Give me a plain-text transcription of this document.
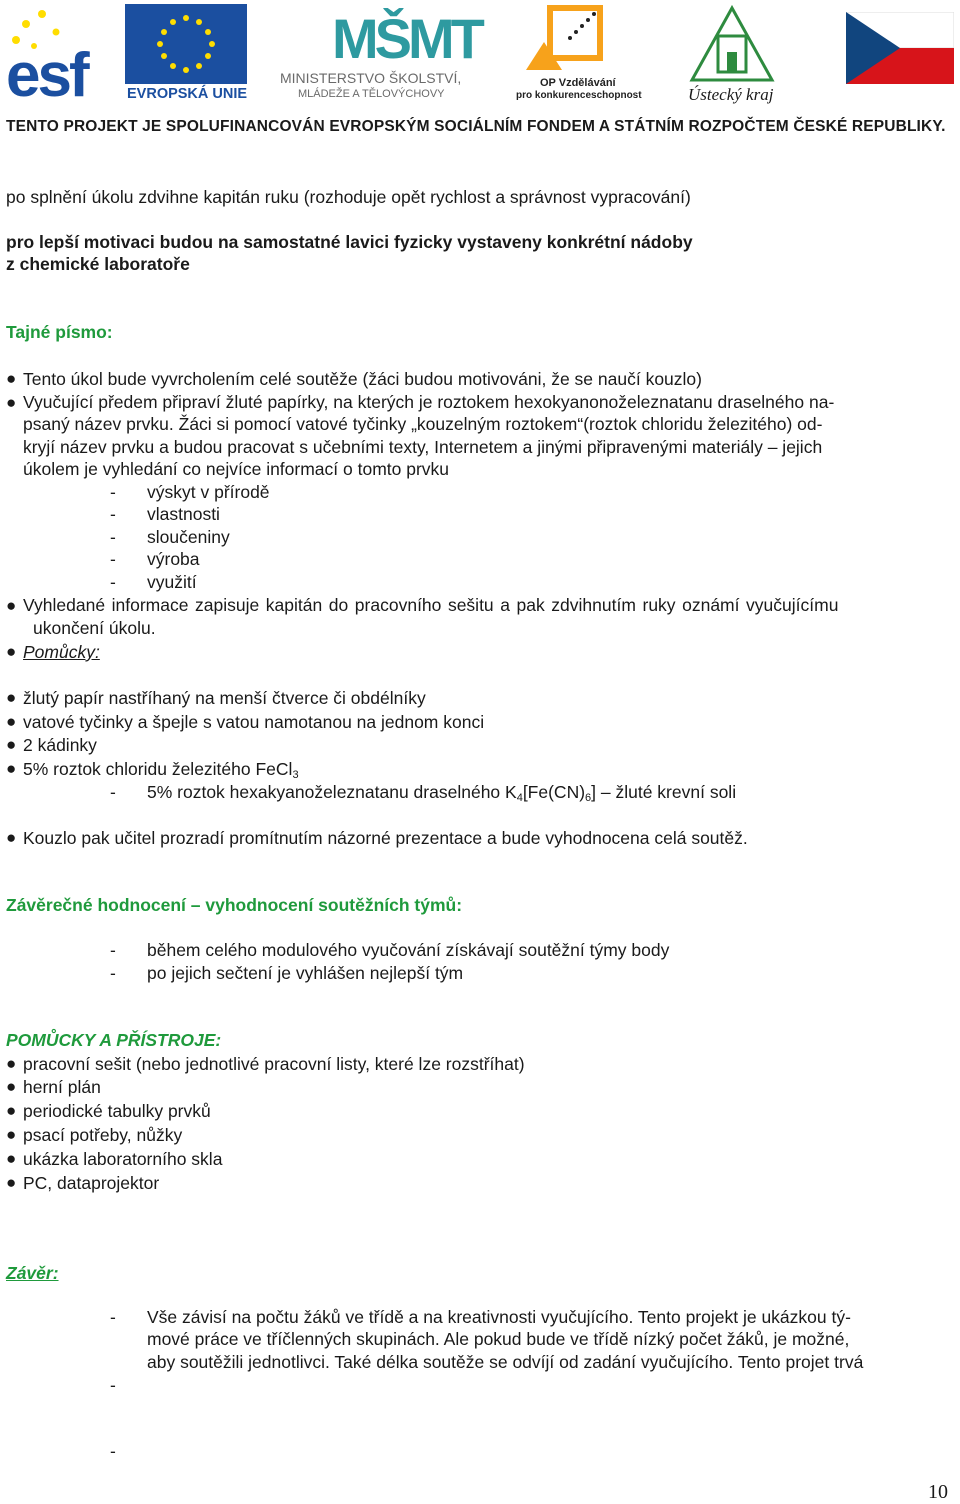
esf	EVROPSKÁ UNIE
MŠMT
MINISTERSTVO ŠKOLSTVÍ,
MLÁDEŽE A TĚLOVÝCHOVY
OP Vzdělávání
pro konkurenceschopnost	Ústecký kraj
TENTO PROJEKT JE SPOLUFINANCOVÁN EVROPSKÝM SOCIÁLNÍM FONDEM A STÁTNÍM ROZPOČTEM ČESKÉ REPUBLIKY.
po splnění úkolu zdvihne kapitán ruku (rozhoduje opět rychlost a správnost vypracování)
pro lepší motivaci budou na samostatné lavici fyzicky vystaveny konkrétní nádoby
z chemické laboratoře
Tajné písmo:
● Tento úkol bude vyvrcholením celé soutěže (žáci budou motivováni, že se naučí kouzlo)
● Vyučující předem připraví žluté papírky, na kterých je roztokem hexokyanonoželeznatanu draselného na-
psaný název prvku. Žáci si pomocí vatové tyčinky „kouzelným roztokem“(roztok chloridu železitého) od-
kryjí název prvku a budou pracovat s učebními texty, Internetem a jinými připravenými materiály – jejich
úkolem je vyhledání co nejvíce informací o tomto prvku
- výskyt v přírodě
- vlastnosti
- sloučeniny
- výroba
- využití
● Vyhledané informace zapisuje kapitán do pracovního sešitu a pak zdvihnutím ruky oznámí vyučujícímu
ukončení úkolu.
● Pomůcky:
● žlutý papír nastříhaný na menší čtverce či obdélníky
● vatové tyčinky a špejle s vatou namotanou na jednom konci
● 2 kádinky
● 5% roztok chloridu železitého FeCl$_3$
- 5% roztok hexakyanoželeznatanu draselného $K_4[Fe(CN)_6]$ – žluté krevní soli
● Kouzlo pak učitel prozradí promítnutím názorné prezentace a bude vyhodnocena celá soutěž.
Závěrečné hodnocení – vyhodnocení soutěžních týmů:
- během celého modulového vyučování získávají soutěžní týmy body
- po jejich sečtení je vyhlášen nejlepší tým
POMŮCKY A PŘÍSTROJE:
● pracovní sešit (nebo jednotlivé pracovní listy, které lze rozstříhat)
● herní plán
● periodické tabulky prvků
● psací potřeby, nůžky
● ukázka laboratorního skla
● PC, dataprojektor
Závěr:
- Vše závisí na počtu žáků ve třídě a na kreativnosti vyučujícího. Tento projekt je ukázkou tý-
mové práce ve tříčlenných skupinách. Ale pokud bude ve třídě nízký počet žáků, je možné,
aby soutěžili jednotlivci. Také délka soutěže se odvíjí od zadání vyučujícího. Tento projet trvá
-
-
10
